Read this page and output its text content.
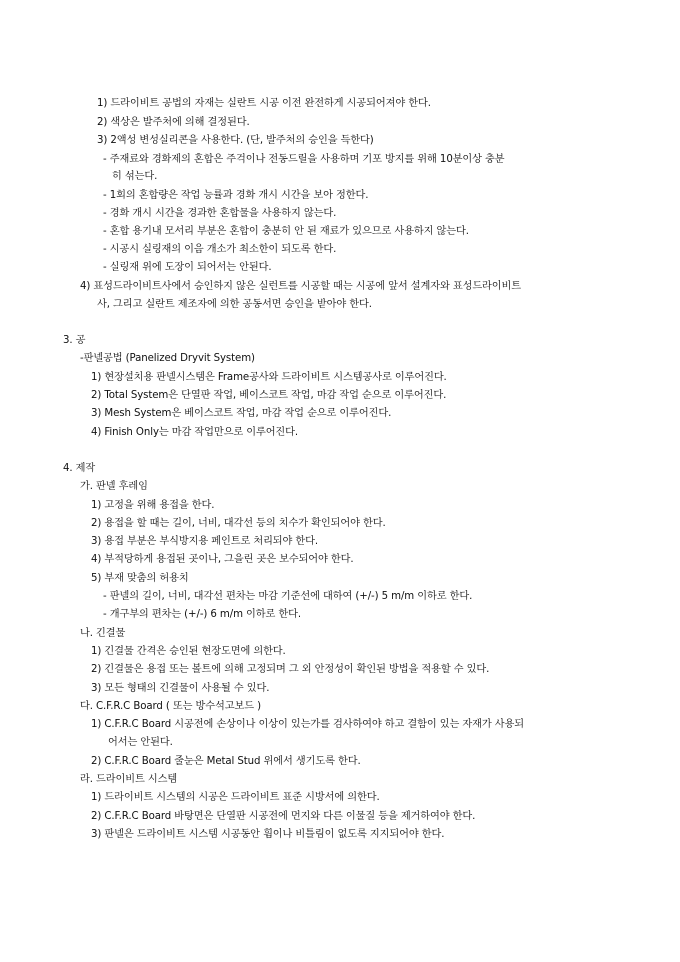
1) 드라이비트 공법의 자재는 실란트 시공 이전 완전하게 시공되어져야 한다.
2) 색상은 발주처에 의해 결정된다.
3) 2액성 변성실리콘을 사용한다. (단, 발주처의 승인을 득한다)
- 주재료와 경화제의 혼합은 주걱이나 전동드릴을 사용하며 기포 방지를 위해 10분이상 충분
히 섞는다.
- 1회의 혼합량은 작업 능률과 경화 개시 시간을 보아 정한다.
- 경화 개시 시간을 경과한 혼합물을 사용하지 않는다.
- 혼합 용기내 모서리 부분은 혼합이 충분히 안 된 재료가 있으므로 사용하지 않는다.
- 시공시 실링재의 이음 개소가 최소한이 되도록 한다.
- 실링재 위에 도장이 되어서는 안된다.
4) 표성드라이비트사에서 승인하지 않은 실런트를 시공할 때는 시공에 앞서 설계자와 표성드라이비트
사, 그리고 실란트 제조자에 의한 공동서면 승인을 받아야 한다.
3. 공
-판넬공법 (Panelized Dryvit System)
1) 현장설치용 판넬시스템은 Frame공사와 드라이비트 시스템공사로 이루어진다.
2) Total System은 단열판 작업, 베이스코트 작업, 마감 작업 순으로 이루어진다.
3) Mesh System은 베이스코트 작업, 마감 작업 순으로 이루어진다.
4) Finish Only는 마감 작업만으로 이루어진다.
4. 제작
가. 판넬 후레임
1) 고정을 위해 용접을 한다.
2) 용접을 할 때는 길이, 너비, 대각선 등의 치수가 확인되어야 한다.
3) 용접 부분은 부식방지용 페인트로 처리되야 한다.
4) 부적당하게 용접된 곳이나, 그을린 곳은 보수되어야 한다.
5) 부재 맞춤의 허용치
- 판넬의 길이, 너비, 대각선 편차는 마감 기준선에 대하여 (+/-) 5 m/m 이하로 한다.
- 개구부의 편차는 (+/-) 6 m/m 이하로 한다.
나. 긴결물
1) 긴결물 간격은 승인된 현장도면에 의한다.
2) 긴결물은 용접 또는 볼트에 의해 고정되며 그 외 안정성이 확인된 방법을 적용할 수 있다.
3) 모든 형태의 긴결물이 사용될 수 있다.
다. C.F.R.C Board ( 또는 방수석고보드 )
1) C.F.R.C Board 시공전에 손상이나 이상이 있는가를 검사하여야 하고 결함이 있는 자재가 사용되
어서는 안된다.
2) C.F.R.C Board 줄눈은 Metal Stud 위에서 생기도록 한다.
라. 드라이비트 시스템
1) 드라이비트 시스템의 시공은 드라이비트 표준 시방서에 의한다.
2) C.F.R.C Board 바탕면은 단열판 시공전에 먼지와 다른 이물질 등을 제거하여야 한다.
3) 판넬은 드라이비트 시스템 시공동안 휨이나 비틀림이 없도록 지지되어야 한다.
